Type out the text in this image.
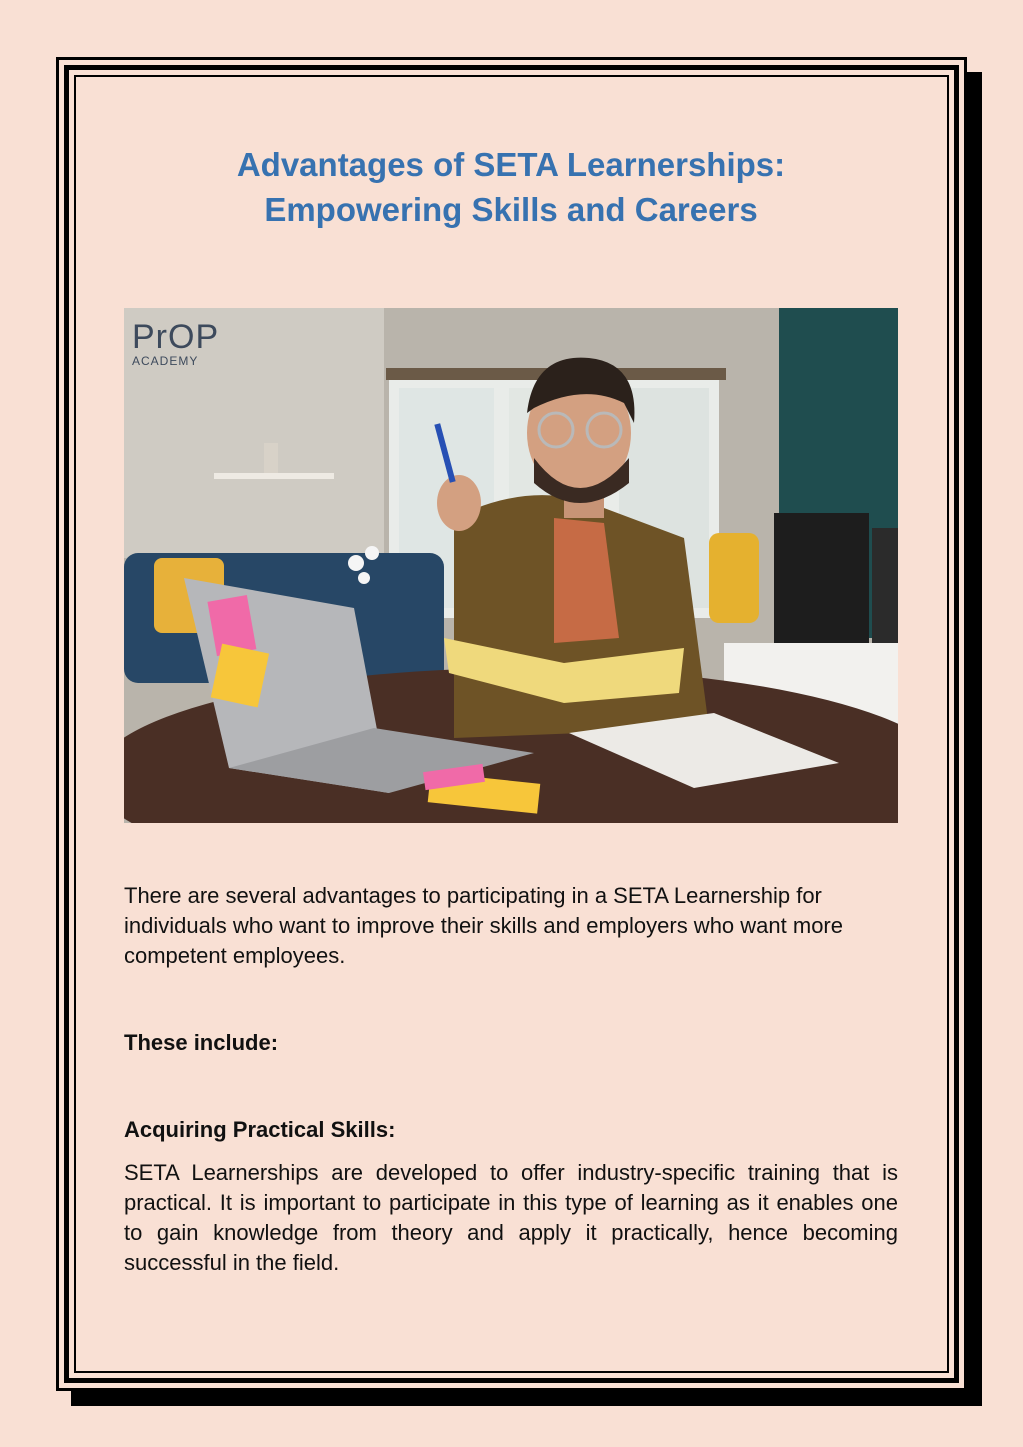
Advantages of SETA Learnerships:
Empowering Skills and Careers
PrOP
ACADEMY

There are several advantages to participating in a SETA Learnership for individuals who want to improve their skills and employers who want more competent employees.

These include:

Acquiring Practical Skills:

SETA Learnerships are developed to offer industry-specific training that is practical. It is important to participate in this type of learning as it enables one to gain knowledge from theory and apply it practically, hence becoming successful in the field.
